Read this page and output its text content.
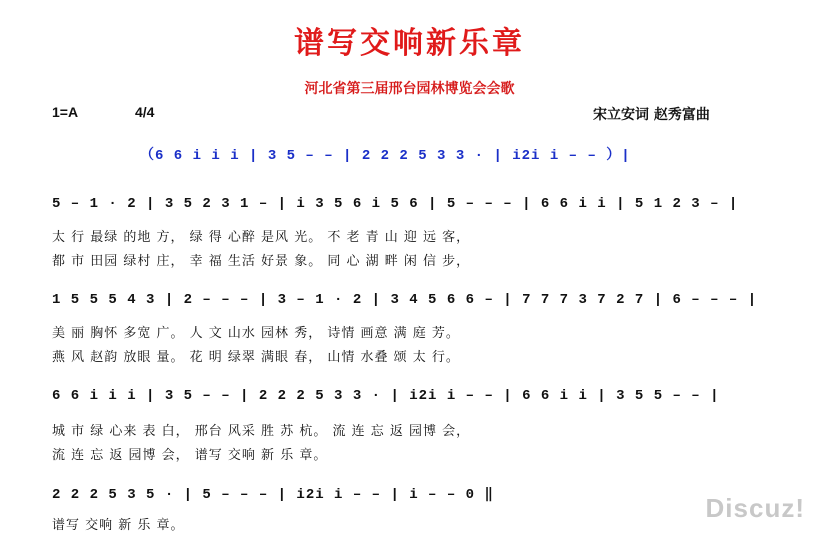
谱写交响新乐章
河北省第三届邢台园林博览会会歌
1=A	4/4	宋立安词 赵秀富曲
（6 6 i i i | 3 5 – – | 2 2 2 5 3 3 · | i2i i – – ）|
5 – 1 · 2 | 3 5 2 3 1 – | i 3 5 6 i 5 6 | 5 – – – | 6 6 i i | 5 1 2 3 – |
太 行 最绿 的地 方， 绿 得 心醉 是风 光。 不 老 青 山 迎 远 客，
都 市 田园 绿村 庄， 幸 福 生活 好景 象。 同 心 湖 畔 闲 信 步，
1 5 5 5 4 3 | 2 – – – | 3 – 1 · 2 | 3 4 5 6 6 – | 7 7 7 3 7 2 7 | 6 – – – |
美 丽 胸怀 多宽 广。 人 文 山水 园林 秀， 诗情 画意 满 庭 芳。
燕 风 赵韵 放眼 量。 花 明 绿翠 满眼 春， 山情 水叠 颂 太 行。
6 6 i i i | 3 5 – – | 2 2 2 5 3 3 · | i2i i – – | 6 6 i i | 3 5 5 – – |
城 市 绿 心来 表 白， 邢台 风采 胜 苏 杭。 流 连 忘 返 园博 会，
流 连 忘 返 园博 会， 谱写 交响 新 乐 章。
2 2 2 5 3 5 · | 5 – – – | i2i i – – | i – – 0 ‖
谱写 交响 新 乐 章。
Discuz!
